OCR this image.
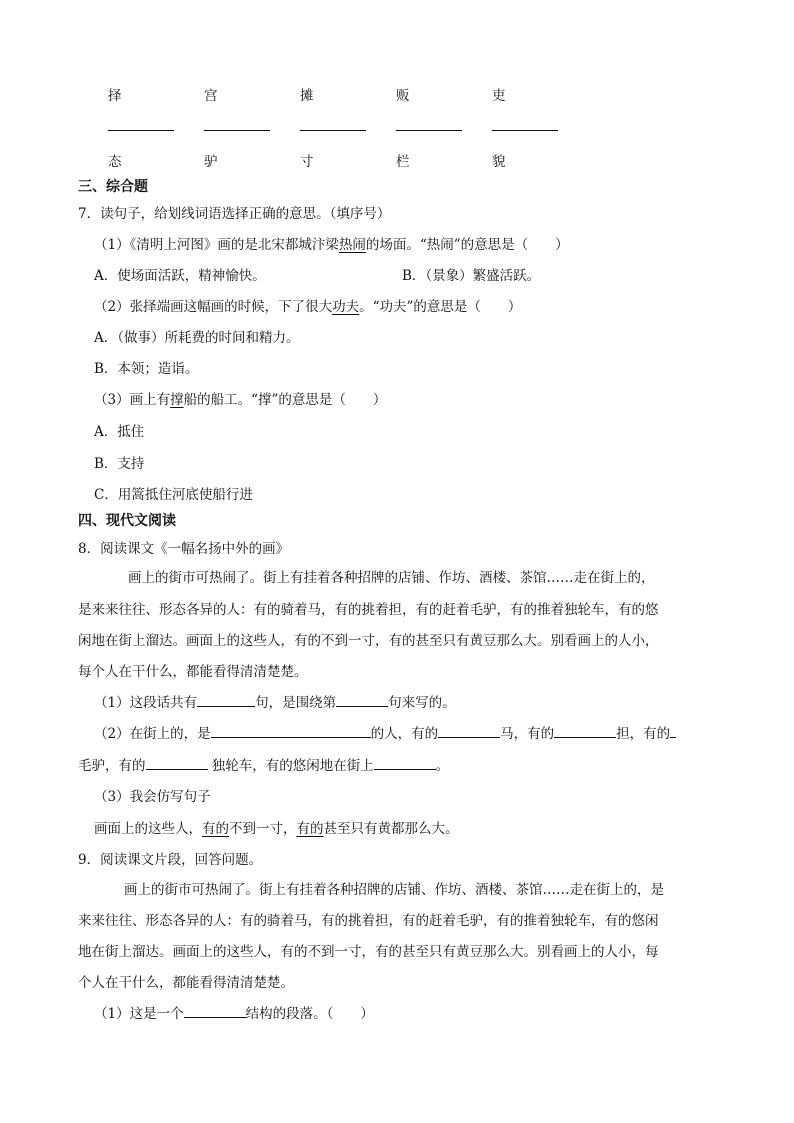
择	宫	摊	贩	吏
态	驴	寸	栏	貌
三、综合题
7．读句子，给划线词语选择正确的意思。（填序号）
（1）《清明上河图》画的是北宋都城汴梁热闹的场面。“热闹”的意思是（　　）
A．使场面活跃，精神愉快。	B．（景象）繁盛活跃。
（2）张择端画这幅画的时候，下了很大功夫。“功夫”的意思是（　　）
A．（做事）所耗费的时间和精力。
B．本领；造诣。
（3）画上有撑船的船工。“撑”的意思是（　　）
A．抵住
B．支持
C．用篙抵住河底使船行进
四、现代文阅读
8．阅读课文《一幅名扬中外的画》
画上的街市可热闹了。街上有挂着各种招牌的店铺、作坊、酒楼、茶馆……走在街上的，
是来来往往、形态各异的人：有的骑着马，有的挑着担，有的赶着毛驴，有的推着独轮车，有的悠
闲地在街上溜达。画面上的这些人，有的不到一寸，有的甚至只有黄豆那么大。别看画上的人小，
每个人在干什么，都能看得清清楚楚。
（1）这段话共有	句，是围绕第	句来写的。
（2）在街上的，是	的人，有的	马，有的	担，有的
毛驴，有的	独轮车，有的悠闲地在街上	。
（3）我会仿写句子
画面上的这些人，有的不到一寸，有的甚至只有黄都那么大。
9．阅读课文片段，回答问题。
画上的街市可热闹了。街上有挂着各种招牌的店铺、作坊、酒楼、茶馆……走在街上的，是
来来往往、形态各异的人：有的骑着马，有的挑着担，有的赶着毛驴，有的推着独轮车，有的悠闲
地在街上溜达。画面上的这些人，有的不到一寸，有的甚至只有黄豆那么大。别看画上的人小，每
个人在干什么，都能看得清清楚楚。
（1）这是一个	结构的段落。（　　）
